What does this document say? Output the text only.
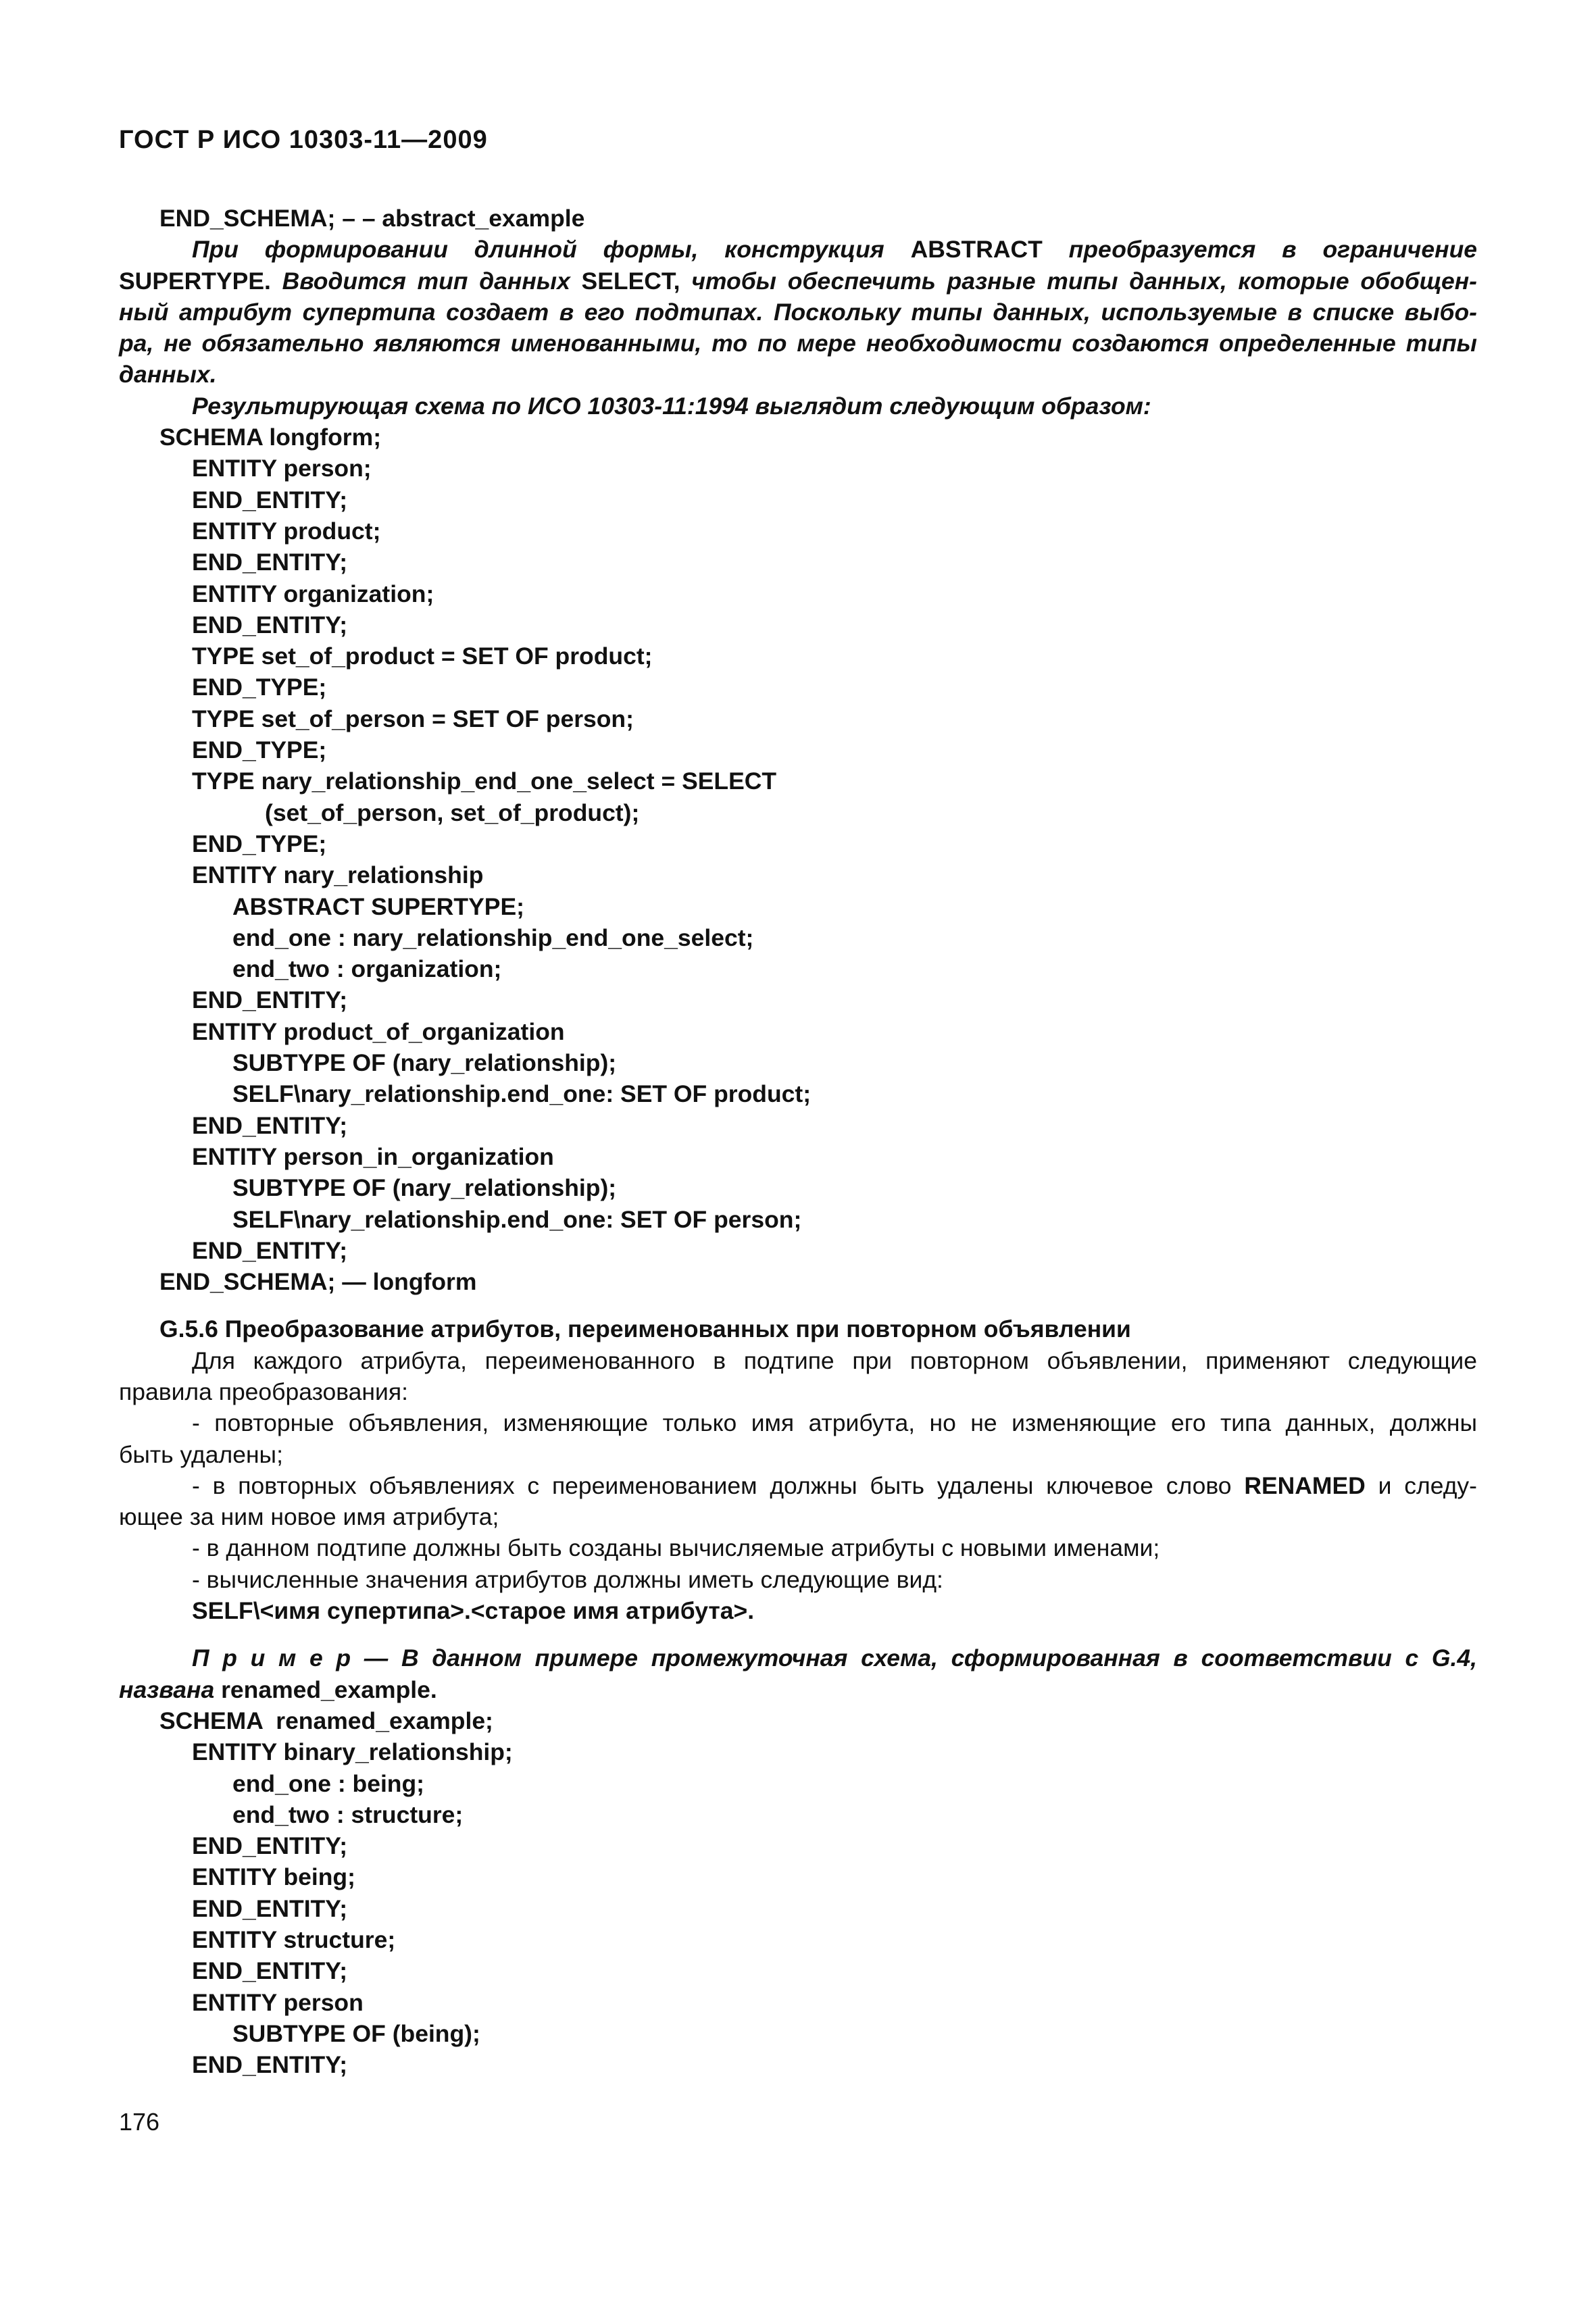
ГОСТ Р ИСО 10303-11—2009
END_SCHEMA; – – abstract_example
При формировании длинной формы, конструкция ABSTRACT преобразуется в ограничение
SUPERTYPE. Вводится тип данных SELECT, чтобы обеспечить разные типы данных, которые обобщен-
ный атрибут супертипа создает в его подтипах. Поскольку типы данных, используемые в списке выбо-
ра, не обязательно являются именованными, то по мере необходимости создаются определенные типы
данных.
Результирующая схема по ИСО 10303-11:1994 выглядит следующим образом:
SCHEMA longform;
ENTITY person;
END_ENTITY;
ENTITY product;
END_ENTITY;
ENTITY organization;
END_ENTITY;
TYPE set_of_product = SET OF product;
END_TYPE;
TYPE set_of_person = SET OF person;
END_TYPE;
TYPE nary_relationship_end_one_select = SELECT
(set_of_person, set_of_product);
END_TYPE;
ENTITY nary_relationship
ABSTRACT SUPERTYPE;
end_one : nary_relationship_end_one_select;
end_two : organization;
END_ENTITY;
ENTITY product_of_organization
SUBTYPE OF (nary_relationship);
SELF\nary_relationship.end_one: SET OF product;
END_ENTITY;
ENTITY person_in_organization
SUBTYPE OF (nary_relationship);
SELF\nary_relationship.end_one: SET OF person;
END_ENTITY;
END_SCHEMA; — longform
G.5.6 Преобразование атрибутов, переименованных при повторном объявлении
Для каждого атрибута, переименованного в подтипе при повторном объявлении, применяют следующие
правила преобразования:
- повторные объявления, изменяющие только имя атрибута, но не изменяющие его типа данных, должны
быть удалены;
- в повторных объявлениях с переименованием должны быть удалены ключевое слово RENAMED и следу-
ющее за ним новое имя атрибута;
- в данном подтипе должны быть созданы вычисляемые атрибуты с новыми именами;
- вычисленные значения атрибутов должны иметь следующие вид:
SELF\<имя супертипа>.<старое имя атрибута>.
П р и м е р — В данном примере промежуточная схема, сформированная в соответствии с G.4,
названа renamed_example.
SCHEMA  renamed_example;
ENTITY binary_relationship;
end_one : being;
end_two : structure;
END_ENTITY;
ENTITY being;
END_ENTITY;
ENTITY structure;
END_ENTITY;
ENTITY person
SUBTYPE OF (being);
END_ENTITY;
176
